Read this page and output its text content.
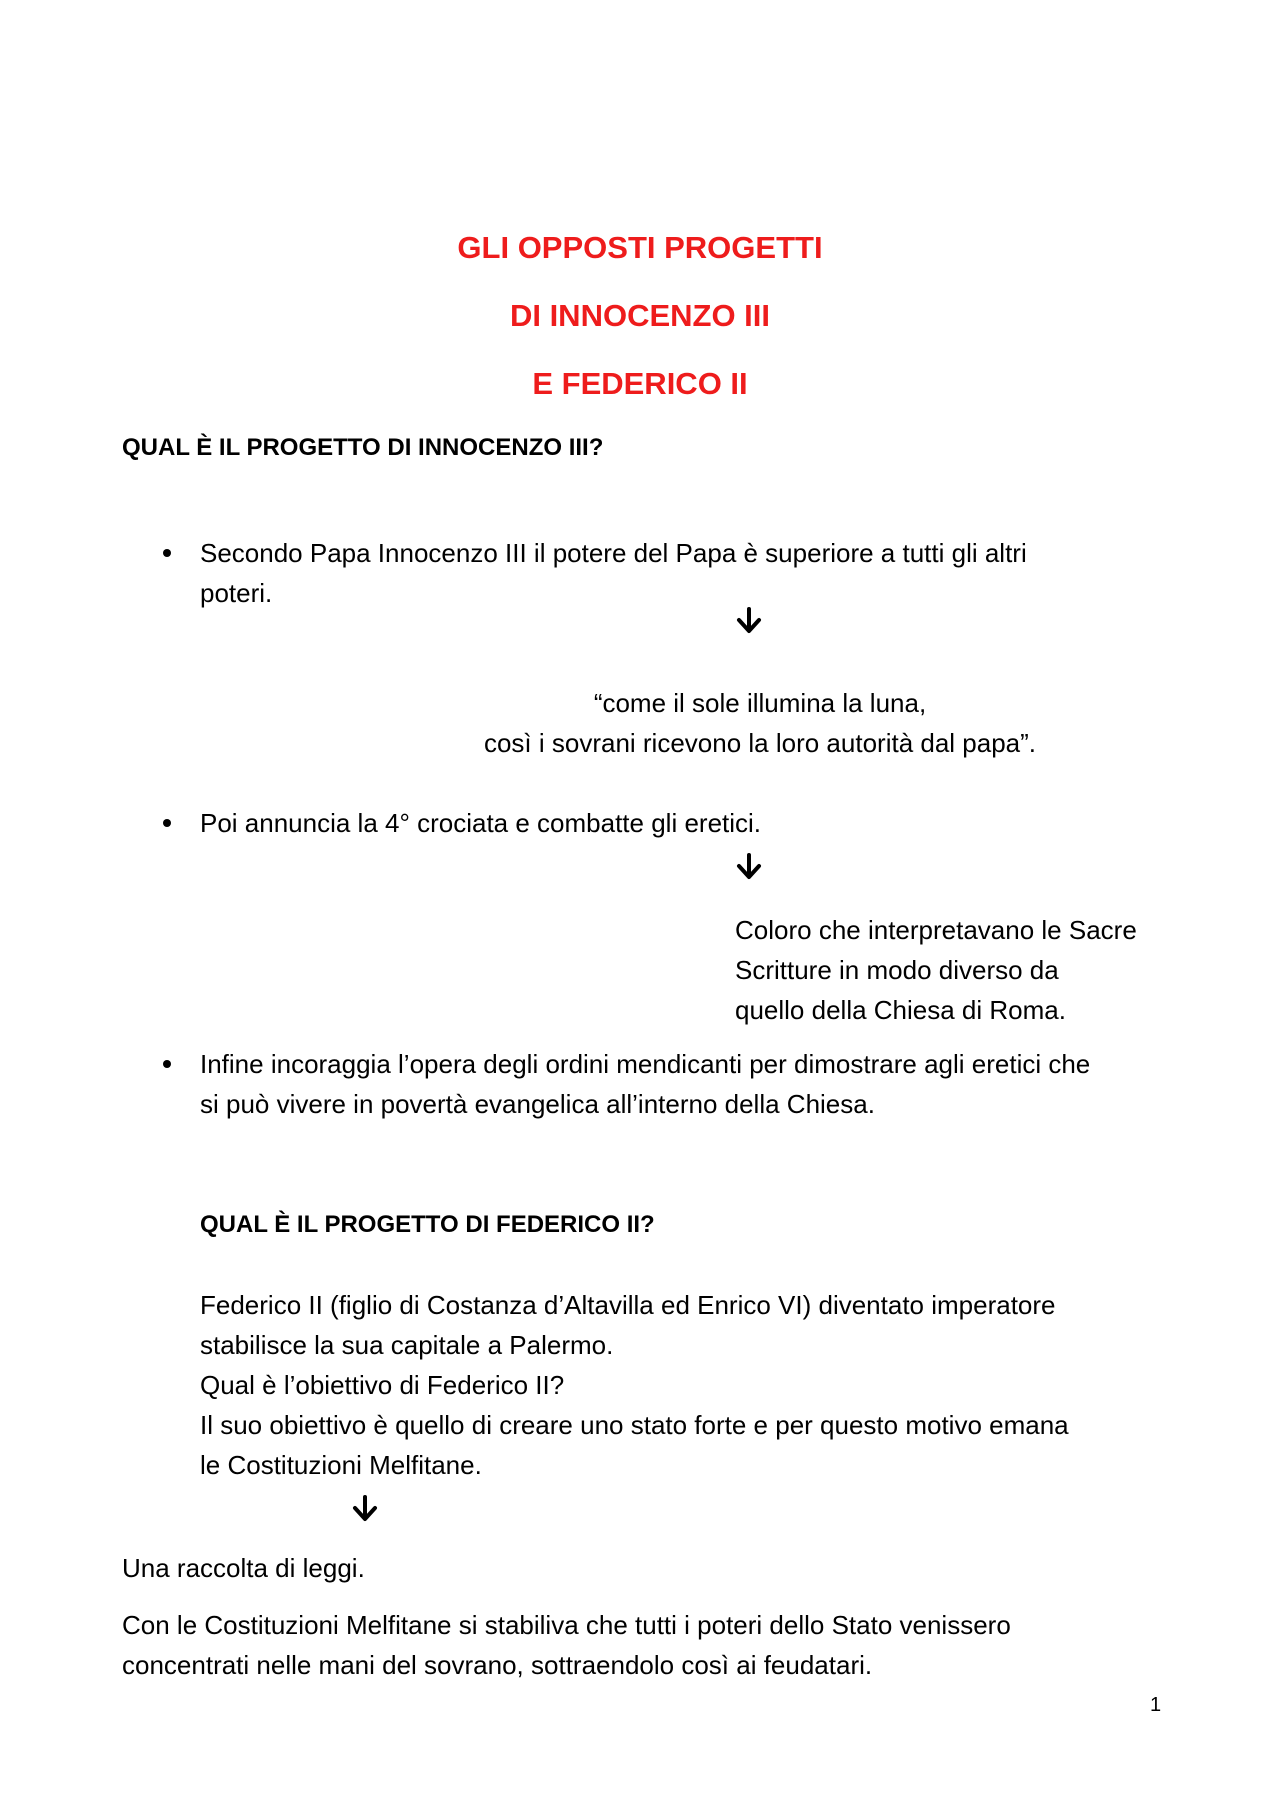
GLI OPPOSTI PROGETTI
DI INNOCENZO III
E FEDERICO II
QUAL È IL PROGETTO DI INNOCENZO III?
Secondo Papa Innocenzo III il potere del Papa è superiore a tutti gli altri
poteri.
“come il sole illumina la luna,
così i sovrani ricevono la loro autorità dal papa”.
Poi annuncia la 4° crociata e combatte gli eretici.
Coloro che interpretavano le Sacre
Scritture in modo diverso da
quello della Chiesa di Roma.
Infine incoraggia l’opera degli ordini mendicanti per dimostrare agli eretici che
si può vivere in povertà evangelica all’interno della Chiesa.
QUAL È IL PROGETTO DI FEDERICO II?
Federico II (figlio di Costanza d’Altavilla ed Enrico VI) diventato imperatore
stabilisce la sua capitale a Palermo.
Qual è l’obiettivo di Federico II?
Il suo obiettivo è quello di creare uno stato forte e per questo motivo emana
le Costituzioni Melfitane.
Una raccolta di leggi.
Con le Costituzioni Melfitane si stabiliva che tutti i poteri dello Stato venissero
concentrati nelle mani del sovrano, sottraendolo così ai feudatari.
1
